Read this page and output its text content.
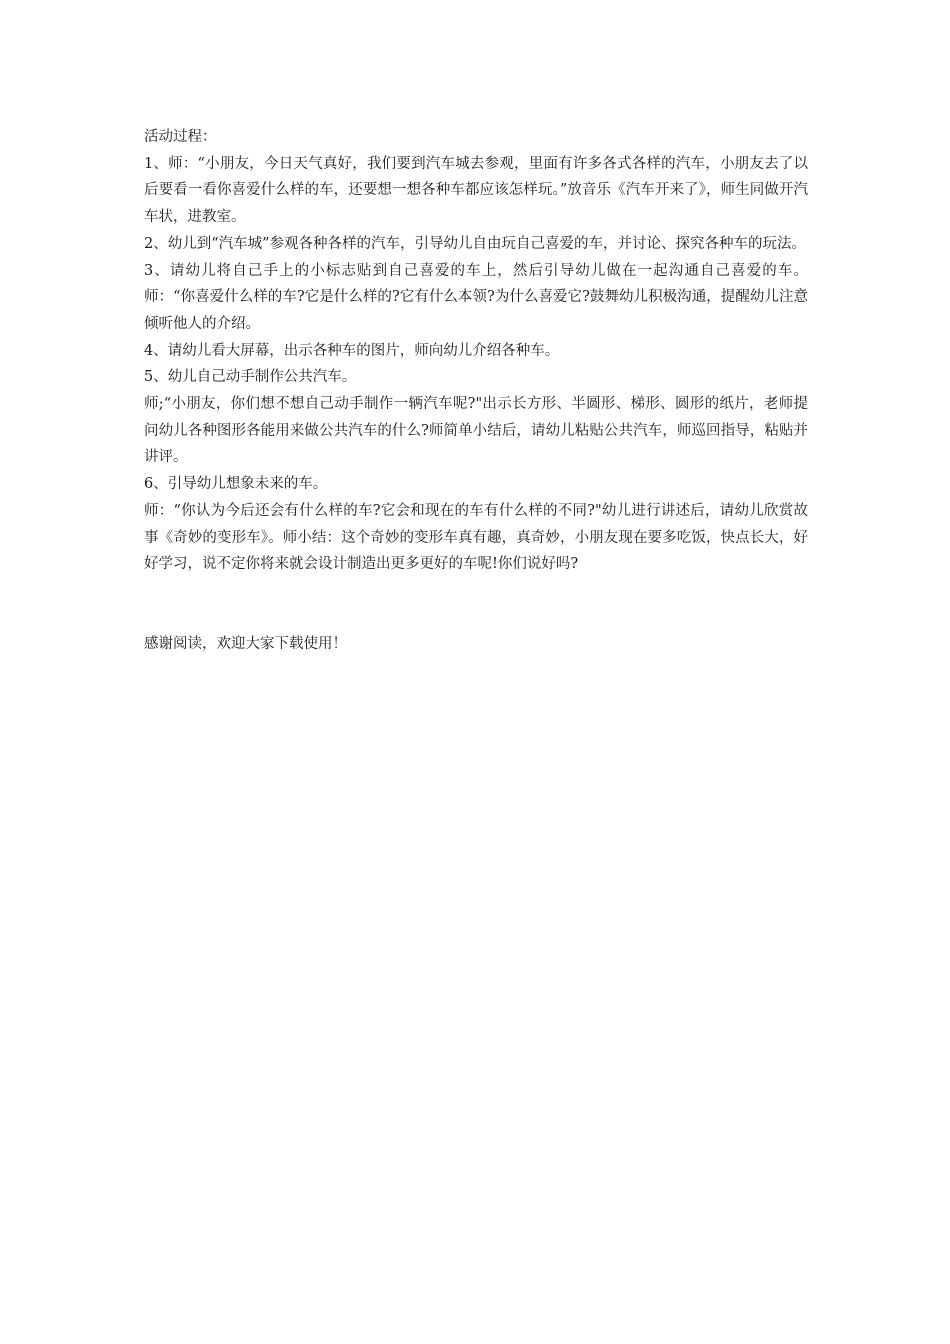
活动过程：

1、师：“小朋友，今日天气真好，我们要到汽车城去参观，里面有许多各式各样的汽车，小朋友去了以后要看一看你喜爱什么样的车，还要想一想各种车都应该怎样玩。”放音乐《汽车开来了》，师生同做开汽车状，进教室。

2、幼儿到“汽车城”参观各种各样的汽车，引导幼儿自由玩自己喜爱的车，并讨论、探究各种车的玩法。

3、请幼儿将自己手上的小标志贴到自己喜爱的车上，然后引导幼儿做在一起沟通自己喜爱的车。师：“你喜爱什么样的车?它是什么样的?它有什么本领?为什么喜爱它?鼓舞幼儿积极沟通，提醒幼儿注意倾听他人的介绍。

4、请幼儿看大屏幕，出示各种车的图片，师向幼儿介绍各种车。

5、幼儿自己动手制作公共汽车。

师;“小朋友，你们想不想自己动手制作一辆汽车呢?"出示长方形、半圆形、梯形、圆形的纸片，老师提问幼儿各种图形各能用来做公共汽车的什么?师简单小结后，请幼儿粘贴公共汽车，师巡回指导，粘贴并讲评。

6、引导幼儿想象未来的车。

师：“你认为今后还会有什么样的车?它会和现在的车有什么样的不同?"幼儿进行讲述后，请幼儿欣赏故事《奇妙的变形车》。师小结：这个奇妙的变形车真有趣，真奇妙，小朋友现在要多吃饭，快点长大，好好学习，说不定你将来就会设计制造出更多更好的车呢!你们说好吗?

感谢阅读，欢迎大家下载使用！
